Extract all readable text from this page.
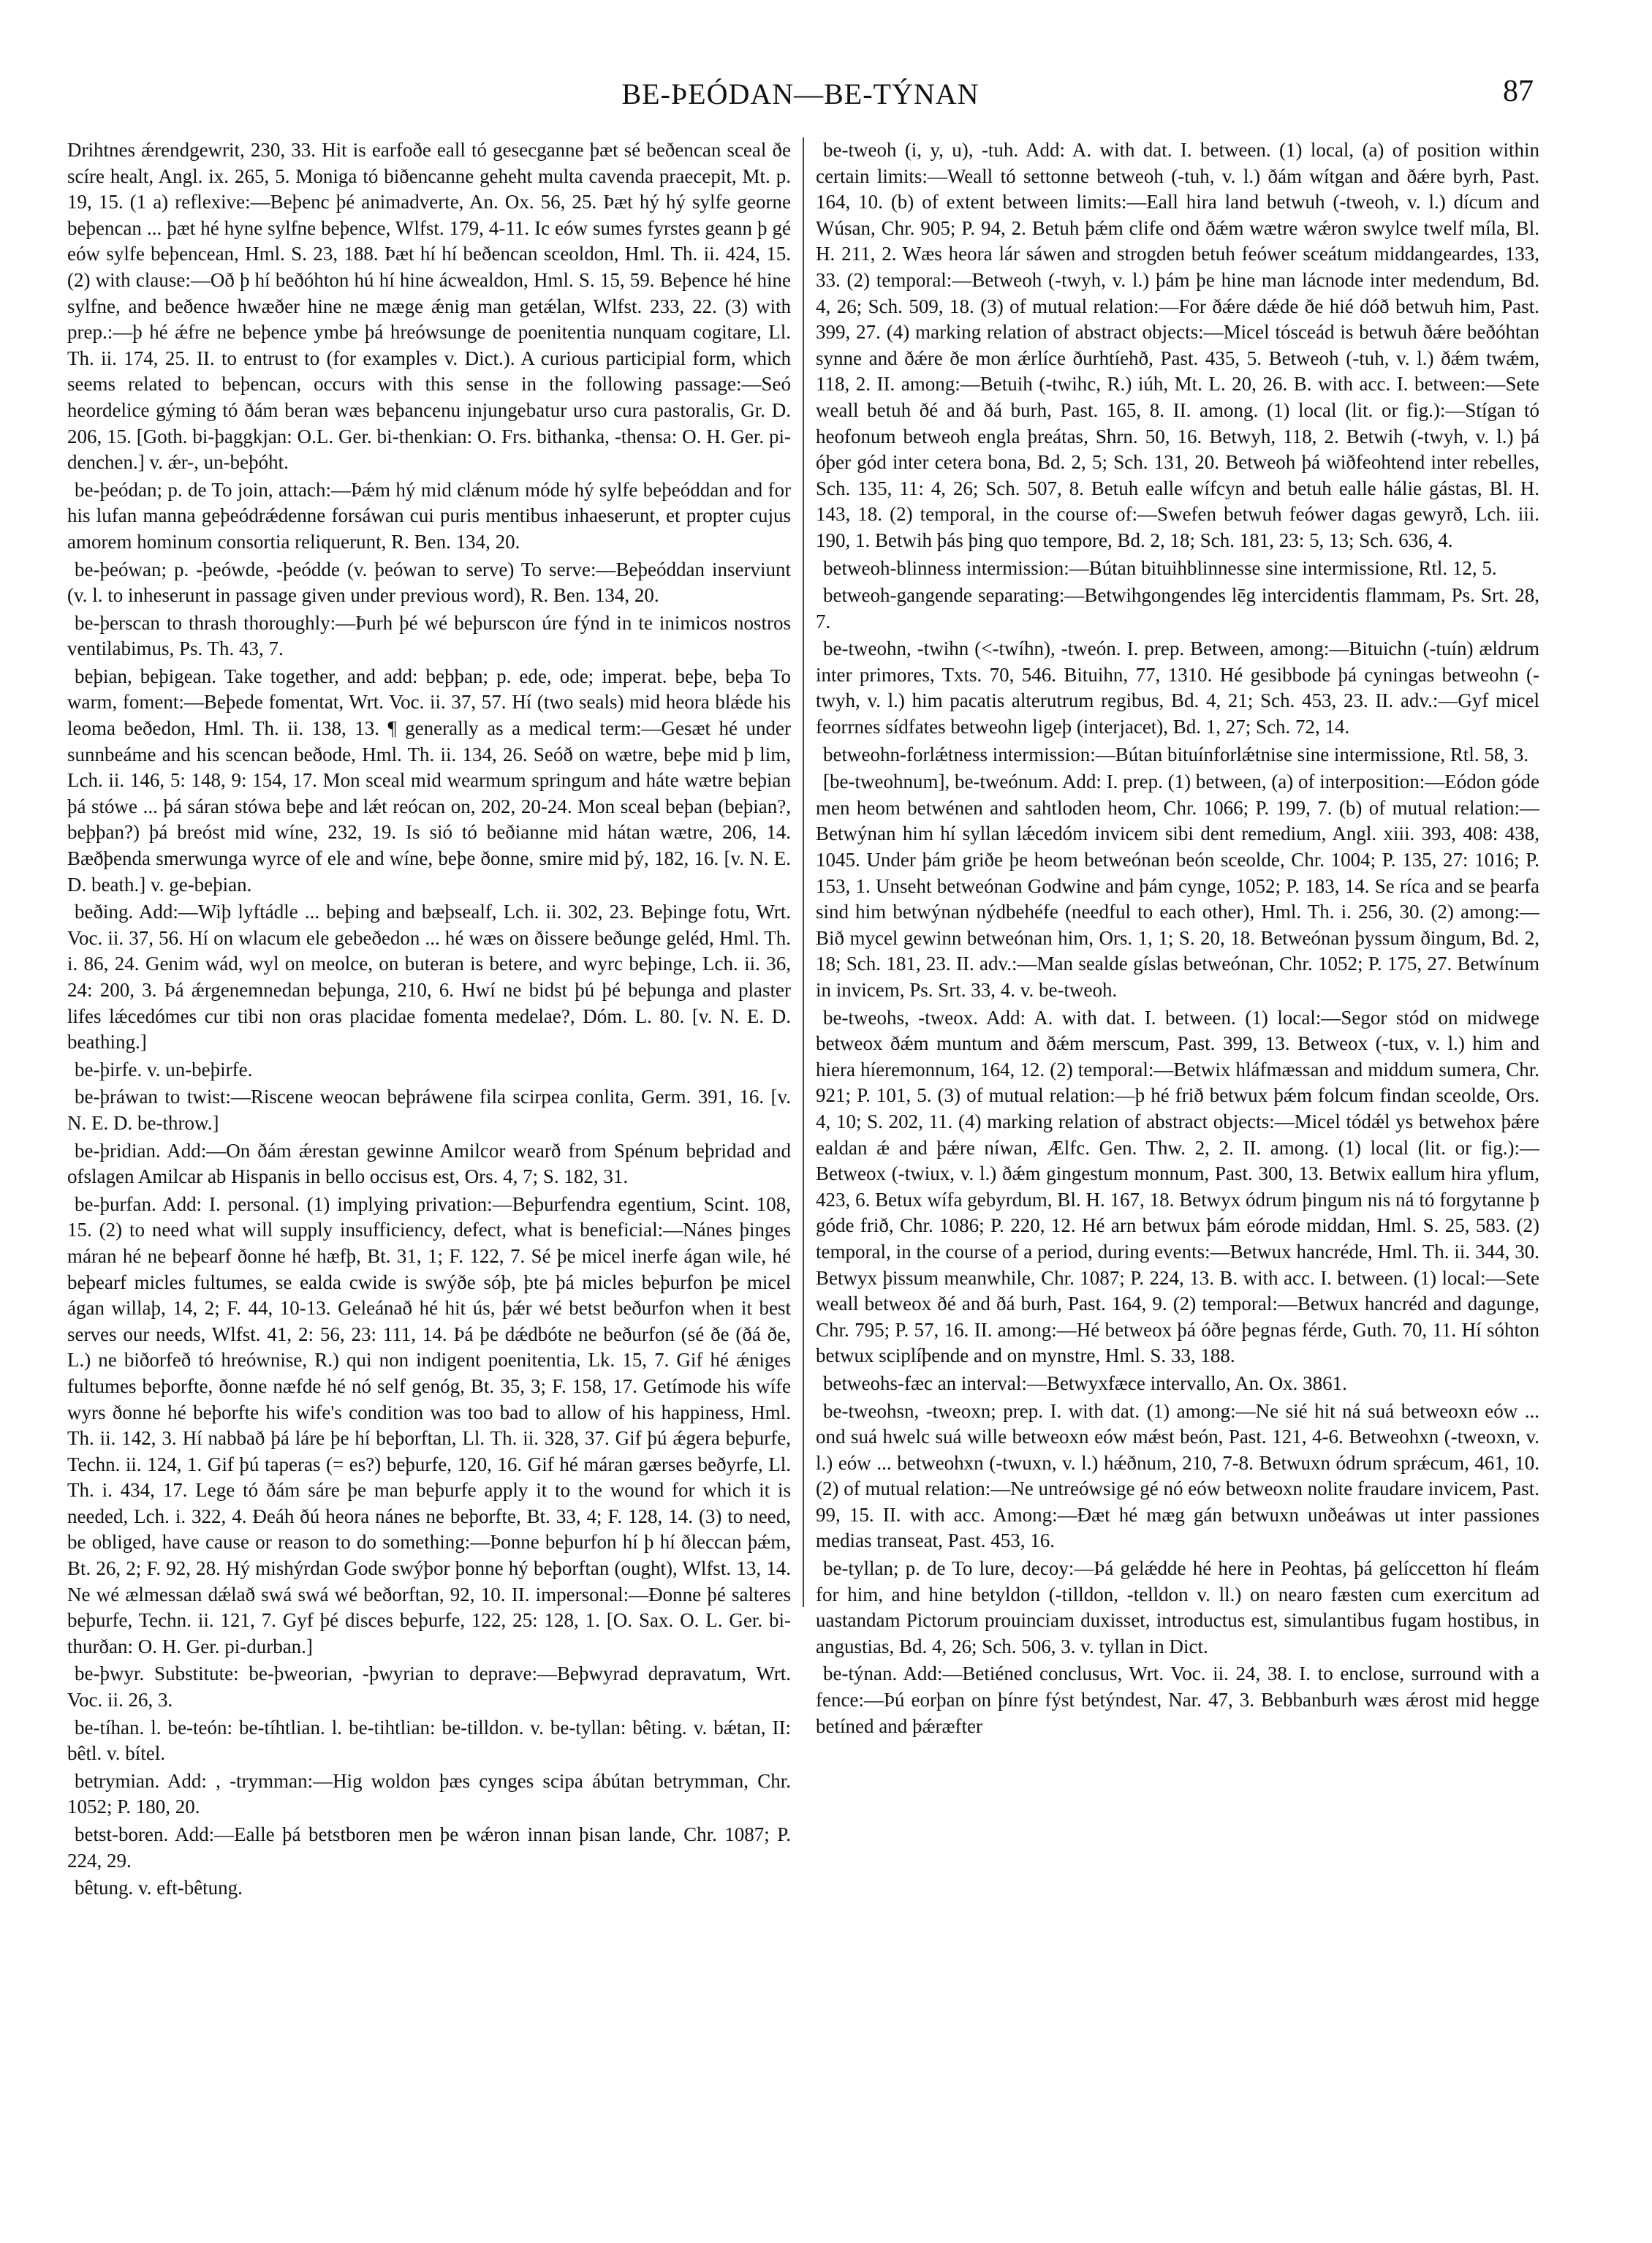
BE-ÞEÓDAN—BE-TÝNAN	87

Drihtnes ǽrendgewrit, 230, 33. Hit is earfoðe eall tó gesecganne þæt sé beðencan sceal ðe scíre healt, Angl. ix. 265, 5. Moniga tó biðencanne geheht multa cavenda praecepit, Mt. p. 19, 15. (1 a) reflexive:—Beþenc þé animadverte, An. Ox. 56, 25. Þæt hý hý sylfe georne beþencan ... þæt hé hyne sylfne beþence, Wlfst. 179, 4-11. Ic eów sumes fyrstes geann þ gé eów sylfe beþencean, Hml. S. 23, 188. Þæt hí hí beðencan sceoldon, Hml. Th. ii. 424, 15. (2) with clause:—Oð þ hí beðóhton hú hí hine ácwealdon, Hml. S. 15, 59. Beþence hé hine sylfne, and beðence hwæðer hine ne mæge ǽnig man getǽlan, Wlfst. 233, 22. (3) with prep.:—þ hé ǽfre ne beþence ymbe þá hreówsunge de poenitentia nunquam cogitare, Ll. Th. ii. 174, 25. II. to entrust to (for examples v. Dict.). A curious participial form, which seems related to beþencan, occurs with this sense in the following passage:—Seó heordelice gýming tó ðám beran wæs beþancenu injungebatur urso cura pastoralis, Gr. D. 206, 15. [Goth. bi-þaggkjan: O.L. Ger. bi-thenkian: O. Frs. bithanka, -thensa: O. H. Ger. pi-denchen.] v. ǽr-, un-beþóht.

be-þeódan; p. de To join, attach:—Þǽm hý mid clǽnum móde hý sylfe beþeóddan and for his lufan manna geþeódrǽdenne forsáwan cui puris mentibus inhaeserunt, et propter cujus amorem hominum consortia reliquerunt, R. Ben. 134, 20.

be-þeówan; p. -þeówde, -þeódde (v. þeówan to serve) To serve:—Beþeóddan inserviunt (v. l. to inheserunt in passage given under previous word), R. Ben. 134, 20.

be-þerscan to thrash thoroughly:—Þurh þé wé beþurscon úre fýnd in te inimicos nostros ventilabimus, Ps. Th. 43, 7.

beþian, beþigean. Take together, and add: beþþan; p. ede, ode; imperat. beþe, beþa To warm, foment:—Beþede fomentat, Wrt. Voc. ii. 37, 57. Hí (two seals) mid heora blǽde his leoma beðedon, Hml. Th. ii. 138, 13. ¶ generally as a medical term:—Gesæt hé under sunnbeáme and his scencan beðode, Hml. Th. ii. 134, 26. Seóð on wætre, beþe mid þ lim, Lch. ii. 146, 5: 148, 9: 154, 17. Mon sceal mid wearmum springum and hátе wætre beþian þá stówe ... þá sáran stówa beþe and lǽt reócan on, 202, 20-24. Mon sceal beþan (beþian?, beþþan?) þá breóst mid wíne, 232, 19. Is sió tó beðianne mid hátan wætre, 206, 14. Bæðþenda smerwunga wyrce of ele and wíne, beþe ðonne, smire mid þý, 182, 16. [v. N. E. D. beath.] v. ge-beþian.

beðing. Add:—Wiþ lyftádle ... beþing and bæþsealf, Lch. ii. 302, 23. Beþinge fotu, Wrt. Voc. ii. 37, 56. Hí on wlacum ele gebeðedon ... hé wæs on ðissere beðunge geléd, Hml. Th. i. 86, 24. Genim wád, wyl on meolce, on buteran is betere, and wyrc beþinge, Lch. ii. 36, 24: 200, 3. Þá ǽrgenemnedan beþunga, 210, 6. Hwí ne bidst þú þé beþunga and plaster lifes lǽcedómes cur tibi non oras placidae fomenta medelae?, Dóm. L. 80. [v. N. E. D. beathing.]

be-þirfe. v. un-beþirfe.

be-þráwan to twist:—Riscene weocan beþráwene fila scirpea conlita, Germ. 391, 16. [v. N. E. D. be-throw.]

be-þridian. Add:—On ðám ǽrestan gewinne Amilcor wearð from Spénum beþridad and ofslagen Amilcar ab Hispanis in bello occisus est, Ors. 4, 7; S. 182, 31.

be-þurfan. Add: I. personal. (1) implying privation:—Beþurfendra egentium, Scint. 108, 15. (2) to need what will supply insufficiency, defect, what is beneficial:—Nánes þinges máran hé ne beþearf ðonne hé hæfþ, Bt. 31, 1; F. 122, 7. Sé þe micel inerfe ágan wile, hé beþearf micles fultumes, se ealda cwide is swýðe sóþ, þte þá micles beþurfon þe micel ágan willaþ, 14, 2; F. 44, 10-13. Geleánað hé hit ús, þǽr wé betst beðurfon when it best serves our needs, Wlfst. 41, 2: 56, 23: 111, 14. Þá þe dǽdbóte ne beðurfon (sé ðe (ðá ðe, L.) ne biðorfeð tó hreównise, R.) qui non indigent poenitentia, Lk. 15, 7. Gif hé ǽniges fultumes beþorfte, ðonne næfde hé nó self genóg, Bt. 35, 3; F. 158, 17. Getímode his wífe wyrs ðonne hé beþorfte his wife's condition was too bad to allow of his happiness, Hml. Th. ii. 142, 3. Hí nabbað þá láre þe hí beþorftan, Ll. Th. ii. 328, 37. Gif þú ǽgera beþurfe, Techn. ii. 124, 1. Gif þú taperas (= es?) beþurfe, 120, 16. Gif hé máran gærses beðyrfe, Ll. Th. i. 434, 17. Lege tó ðám sáre þe man beþurfe apply it to the wound for which it is needed, Lch. i. 322, 4. Ðeáh ðú heora nánes ne beþorfte, Bt. 33, 4; F. 128, 14. (3) to need, be obliged, have cause or reason to do something:—Þonne beþurfon hí þ hí ðleccan þǽm, Bt. 26, 2; F. 92, 28. Hý mishýrdan Gode swýþor þonne hý beþorftan (ought), Wlfst. 13, 14. Ne wé ælmessan dǽlað swá swá wé beðorftan, 92, 10. II. impersonal:—Ðonne þé salteres beþurfe, Techn. ii. 121, 7. Gyf þé disces beþurfe, 122, 25: 128, 1. [O. Sax. O. L. Ger. bi-thurðan: O. H. Ger. pi-durban.]

be-þwyr. Substitute: be-þweorian, -þwyrian to deprave:—Beþwyrad depravatum, Wrt. Voc. ii. 26, 3.

be-tíhan. l. be-teón: be-tíhtlian. l. be-tihtlian: be-tilldon. v. be-tyllan: bêting. v. bǽtan, II: bêtl. v. bítel.

betrymian. Add: , -trymman:—Hig woldon þæs cynges scipa ábútan betrymman, Chr. 1052; P. 180, 20.

betst-boren. Add:—Ealle þá betstboren men þe wǽron innan þisan lande, Chr. 1087; P. 224, 29.

bêtung. v. eft-bêtung.

be-tweoh (i, y, u), -tuh. Add: A. with dat. I. between. (1) local, (a) of position within certain limits:—Weall tó settonne betweoh (-tuh, v. l.) ðám wítgan and ðǽre byrh, Past. 164, 10. (b) of extent between limits:—Eall hira land betwuh (-tweoh, v. l.) dícum and Wúsan, Chr. 905; P. 94, 2. Betuh þǽm clife ond ðǽm wætre wǽron swylce twelf míla, Bl. H. 211, 2. Wæs heora lár sáwen and strogden betuh feówer sceátum middangeardes, 133, 33. (2) temporal:—Betweoh (-twyh, v. l.) þám þe hine man lácnode inter medendum, Bd. 4, 26; Sch. 509, 18. (3) of mutual relation:—For ðǽre dǽde ðe hié dóð betwuh him, Past. 399, 27. (4) marking relation of abstract objects:—Micel tósceád is betwuh ðǽre beðóhtan synne and ðǽre ðe mon ǽrlíce ðurhtíehð, Past. 435, 5. Betweoh (-tuh, v. l.) ðǽm twǽm, 118, 2. II. among:—Betuih (-twihc, R.) iúh, Mt. L. 20, 26. B. with acc. I. between:—Sete weall betuh ðé and ðá burh, Past. 165, 8. II. among. (1) local (lit. or fig.):—Stígan tó heofonum betweoh engla þreátas, Shrn. 50, 16. Betwyh, 118, 2. Betwih (-twyh, v. l.) þá óþer gód inter cetera bona, Bd. 2, 5; Sch. 131, 20. Betweoh þá wiðfeohtend inter rebelles, Sch. 135, 11: 4, 26; Sch. 507, 8. Betuh ealle wífcyn and betuh ealle hálie gástas, Bl. H. 143, 18. (2) temporal, in the course of:—Swefen betwuh feówer dagas gewyrð, Lch. iii. 190, 1. Betwih þás þing quo tempore, Bd. 2, 18; Sch. 181, 23: 5, 13; Sch. 636, 4.

betweoh-blinness intermission:—Bútan bituihblinnesse sine intermissione, Rtl. 12, 5.

betweoh-gangende separating:—Betwihgongendes lēg intercidentis flammam, Ps. Srt. 28, 7.

be-tweohn, -twihn (<-twíhn), -tweón. I. prep. Between, among:—Bituichn (-tuín) ældrum inter primores, Txts. 70, 546. Bituihn, 77, 1310. Hé gesibbode þá cyningas betweohn (-twyh, v. l.) him pacatis alterutrum regibus, Bd. 4, 21; Sch. 453, 23. II. adv.:—Gyf micel feorrnes sídfates betweohn ligeþ (interjacet), Bd. 1, 27; Sch. 72, 14.

betweohn-forlǽtness intermission:—Bútan bituínforlǽtnise sine intermissione, Rtl. 58, 3.

[be-tweohnum], be-tweónum. Add: I. prep. (1) between, (a) of interposition:—Eódon góde men heom betwénen and sahtloden heom, Chr. 1066; P. 199, 7. (b) of mutual relation:—Betwýnan him hí syllan lǽcedóm invicem sibi dent remedium, Angl. xiii. 393, 408: 438, 1045. Under þám griðe þe heom betweónan beón sceolde, Chr. 1004; P. 135, 27: 1016; P. 153, 1. Unseht betweónan Godwine and þám cynge, 1052; P. 183, 14. Se ríca and se þearfa sind him betwýnan nýdbehéfe (needful to each other), Hml. Th. i. 256, 30. (2) among:—Bið mycel gewinn betweónan him, Ors. 1, 1; S. 20, 18. Betweónan þyssum ðingum, Bd. 2, 18; Sch. 181, 23. II. adv.:—Man sealde gíslas betweónan, Chr. 1052; P. 175, 27. Betwínum in invicem, Ps. Srt. 33, 4. v. be-tweoh.

be-tweohs, -tweox. Add: A. with dat. I. between. (1) local:—Segor stód on midwege betweox ðǽm muntum and ðǽm merscum, Past. 399, 13. Betweox (-tux, v. l.) him and hiera híeremonnum, 164, 12. (2) temporal:—Betwix hláfmæssan and middum sumera, Chr. 921; P. 101, 5. (3) of mutual relation:—þ hé frið betwux þǽm folcum findan sceolde, Ors. 4, 10; S. 202, 11. (4) marking relation of abstract objects:—Micel tódǽl ys betwehox þǽre ealdan ǽ and þǽre níwan, Ælfc. Gen. Thw. 2, 2. II. among. (1) local (lit. or fig.):—Betweox (-twiux, v. l.) ðǽm gingestum monnum, Past. 300, 13. Betwix eallum hira yflum, 423, 6. Betux wífa gebyrdum, Bl. H. 167, 18. Betwyx ódrum þingum nis ná tó forgytanne þ góde frið, Chr. 1086; P. 220, 12. Hé arn betwux þám eórode middan, Hml. S. 25, 583. (2) temporal, in the course of a period, during events:—Betwux hancréde, Hml. Th. ii. 344, 30. Betwyx þissum meanwhile, Chr. 1087; P. 224, 13. B. with acc. I. between. (1) local:—Sete weall betweox ðé and ðá burh, Past. 164, 9. (2) temporal:—Betwux hancréd and dagunge, Chr. 795; P. 57, 16. II. among:—Hé betweox þá óðre þegnas férde, Guth. 70, 11. Hí sóhton betwux sciplíþende and on mynstre, Hml. S. 33, 188.

betweohs-fæc an interval:—Betwyxfæce intervallo, An. Ox. 3861.

be-tweohsn, -tweoxn; prep. I. with dat. (1) among:—Ne sié hit ná suá betweoxn eów ... ond suá hwelc suá wille betweoxn eów mǽst beón, Past. 121, 4-6. Betweohxn (-tweoxn, v. l.) eów ... betweohxn (-twuxn, v. l.) hǽðnum, 210, 7-8. Betwuxn ódrum sprǽcum, 461, 10. (2) of mutual relation:—Ne untreówsige gé nó eów betweoxn nolite fraudare invicem, Past. 99, 15. II. with acc. Among:—Ðæt hé mæg gán betwuxn unðeáwas ut inter passiones medias transeat, Past. 453, 16.

be-tyllan; p. de To lure, decoy:—Þá gelǽdde hé here in Peohtas, þá gelíccetton hí fleám for him, and hine betyldon (-tilldon, -telldon v. ll.) on nearo fæsten cum exercitum ad uastandam Pictorum prouinciam duxisset, introductus est, simulantibus fugam hostibus, in angustias, Bd. 4, 26; Sch. 506, 3. v. tyllan in Dict.

be-týnan. Add:—Betiéned conclusus, Wrt. Voc. ii. 24, 38. I. to enclose, surround with a fence:—Þú eorþan on þínre fýst betýndest, Nar. 47, 3. Bebbanburh wæs ǽrost mid hegge betíned and þǽræfter
